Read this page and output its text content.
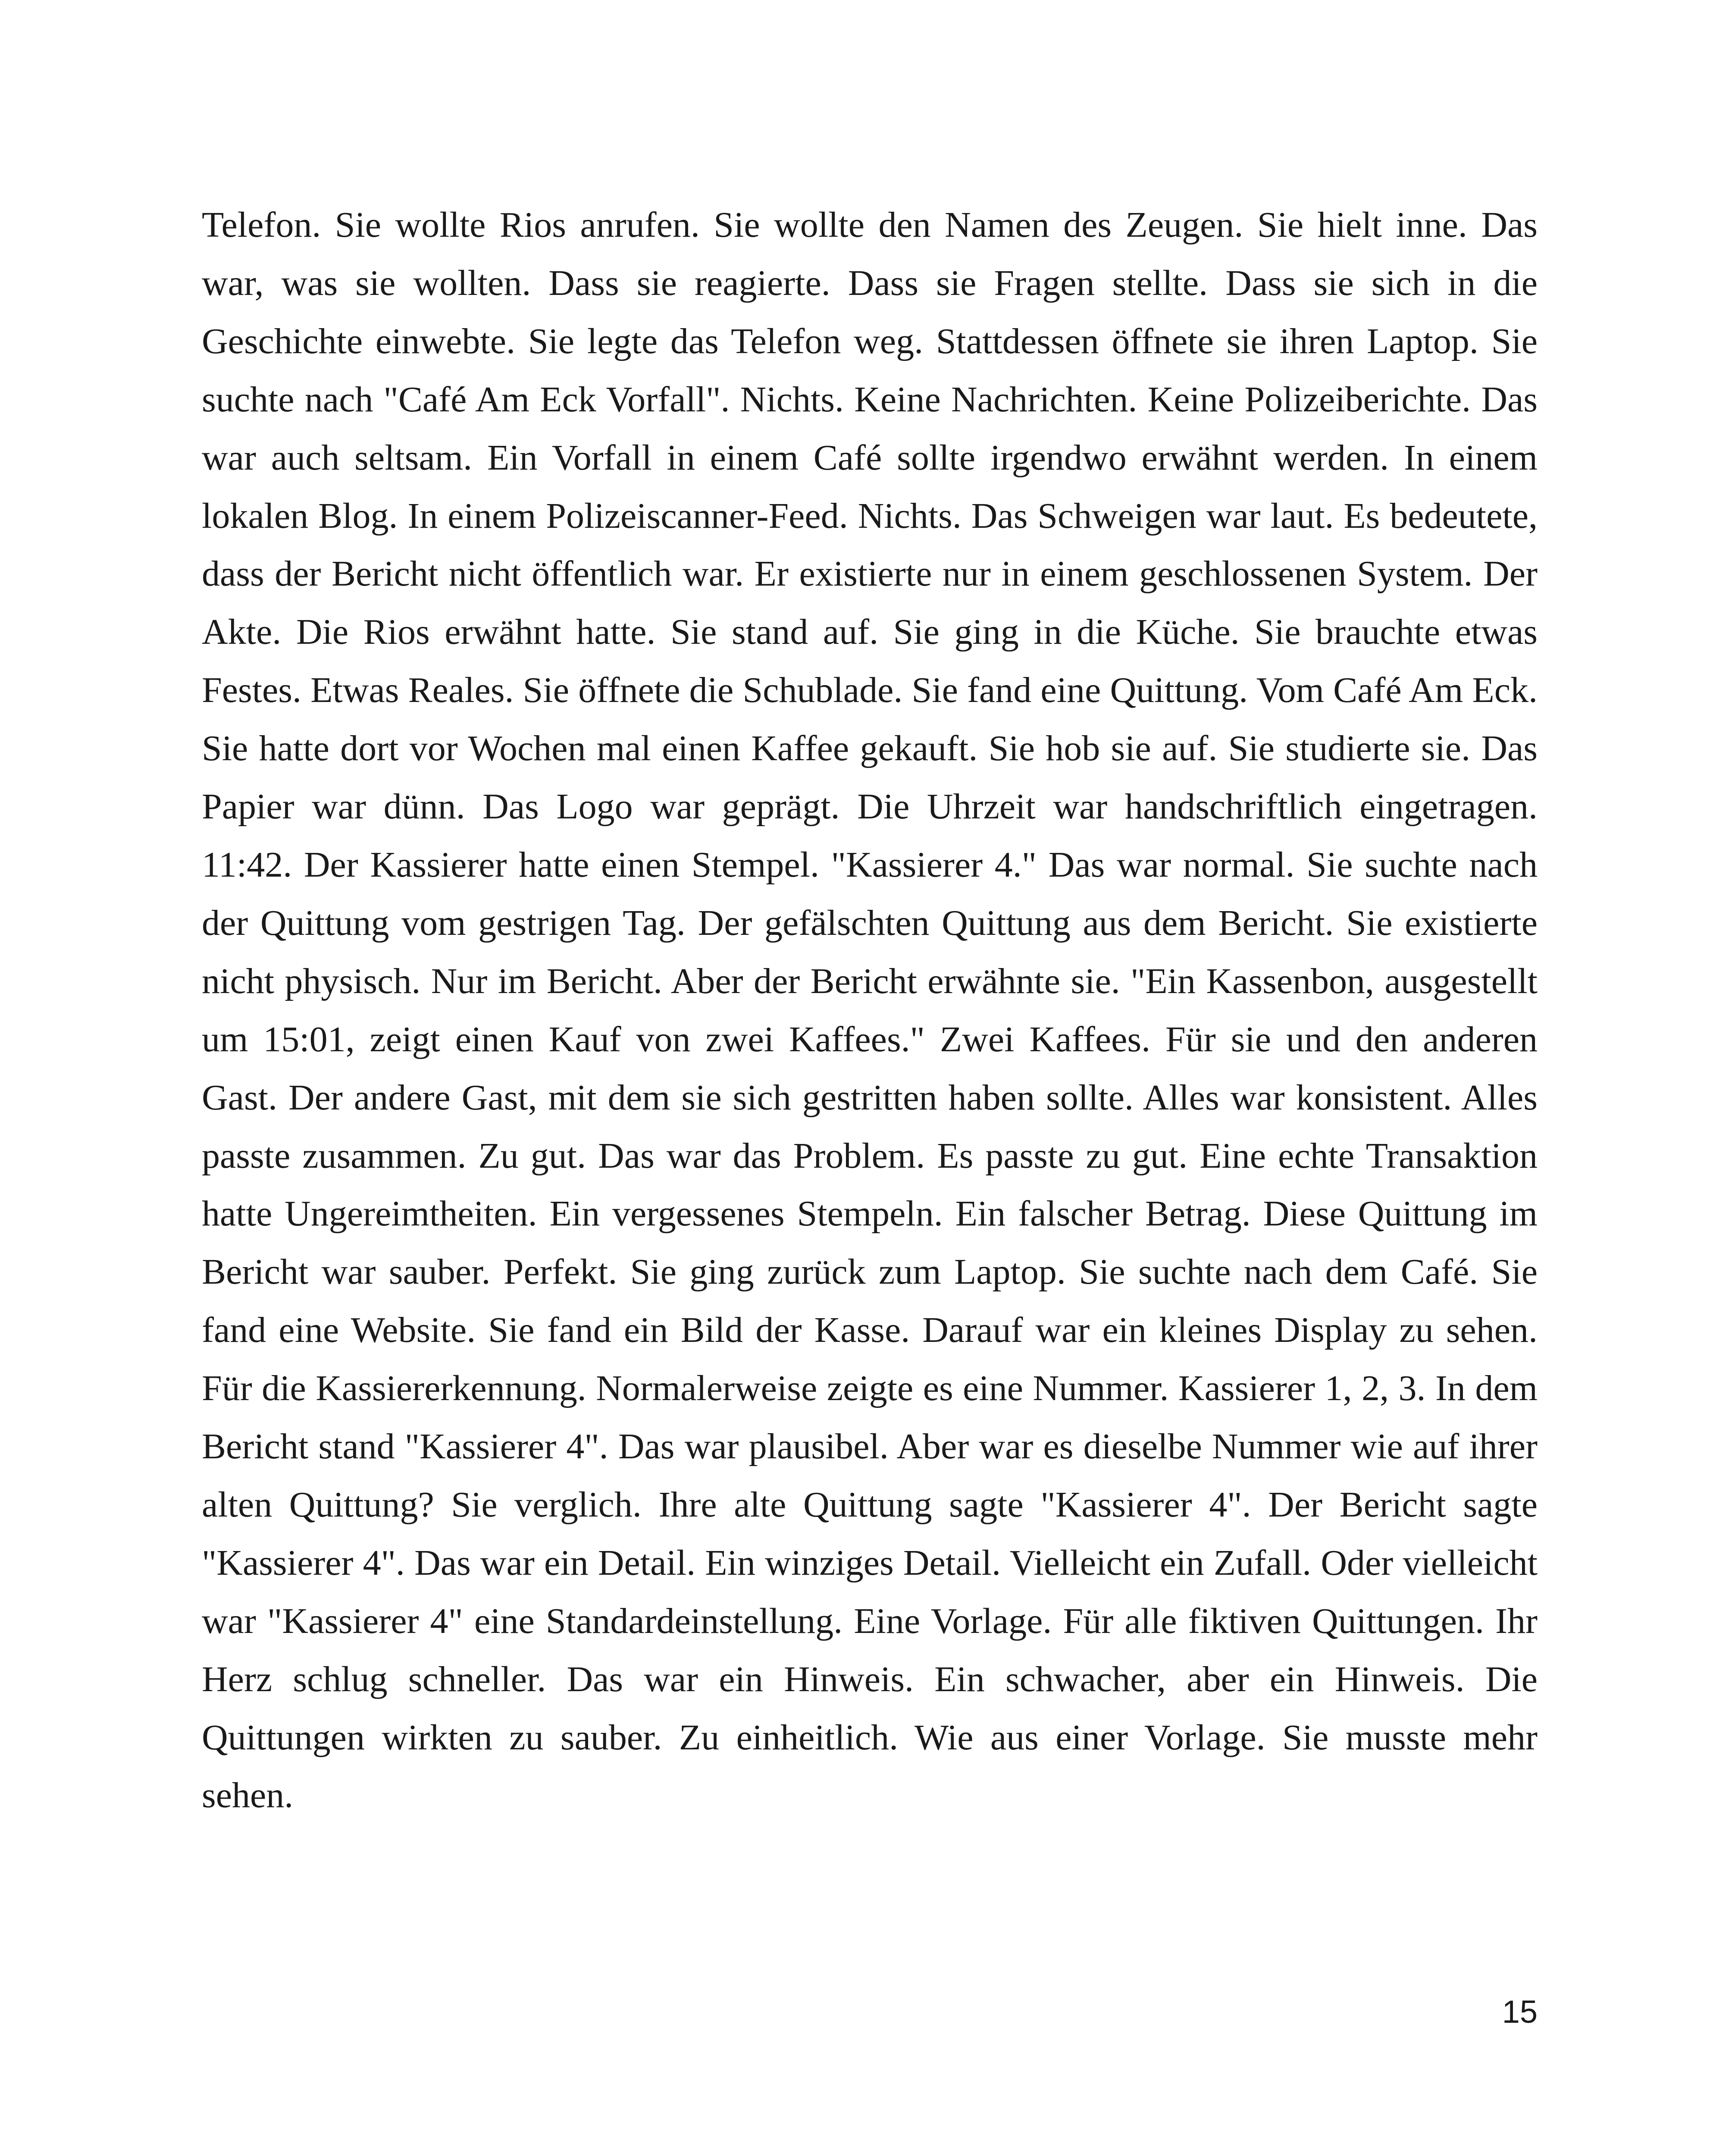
Telefon. Sie wollte Rios anrufen. Sie wollte den Namen des Zeugen. Sie hielt inne. Das war, was sie wollten. Dass sie reagierte. Dass sie Fragen stellte. Dass sie sich in die Geschichte einwebte. Sie legte das Telefon weg. Stattdessen öffnete sie ihren Laptop. Sie suchte nach "Café Am Eck Vorfall". Nichts. Keine Nachrichten. Keine Polizeiberichte. Das war auch seltsam. Ein Vorfall in einem Café sollte irgendwo erwähnt werden. In einem lokalen Blog. In einem Polizeiscanner-Feed. Nichts. Das Schweigen war laut. Es bedeutete, dass der Bericht nicht öffentlich war. Er existierte nur in einem geschlossenen System. Der Akte. Die Rios erwähnt hatte. Sie stand auf. Sie ging in die Küche. Sie brauchte etwas Festes. Etwas Reales. Sie öffnete die Schublade. Sie fand eine Quittung. Vom Café Am Eck. Sie hatte dort vor Wochen mal einen Kaffee gekauft. Sie hob sie auf. Sie studierte sie. Das Papier war dünn. Das Logo war geprägt. Die Uhrzeit war handschriftlich eingetragen. 11:42. Der Kassierer hatte einen Stempel. "Kassierer 4." Das war normal. Sie suchte nach der Quittung vom gestrigen Tag. Der gefälschten Quittung aus dem Bericht. Sie existierte nicht physisch. Nur im Bericht. Aber der Bericht erwähnte sie. "Ein Kassenbon, ausgestellt um 15:01, zeigt einen Kauf von zwei Kaffees." Zwei Kaffees. Für sie und den anderen Gast. Der andere Gast, mit dem sie sich gestritten haben sollte. Alles war konsistent. Alles passte zusammen. Zu gut. Das war das Problem. Es passte zu gut. Eine echte Transaktion hatte Ungereimtheiten. Ein vergessenes Stempeln. Ein falscher Betrag. Diese Quittung im Bericht war sauber. Perfekt. Sie ging zurück zum Laptop. Sie suchte nach dem Café. Sie fand eine Website. Sie fand ein Bild der Kasse. Darauf war ein kleines Display zu sehen. Für die Kassiererkennung. Normalerweise zeigte es eine Nummer. Kassierer 1, 2, 3. In dem Bericht stand "Kassierer 4". Das war plausibel. Aber war es dieselbe Nummer wie auf ihrer alten Quittung? Sie verglich. Ihre alte Quittung sagte "Kassierer 4". Der Bericht sagte "Kassierer 4". Das war ein Detail. Ein winziges Detail. Vielleicht ein Zufall. Oder vielleicht war "Kassierer 4" eine Standardeinstellung. Eine Vorlage. Für alle fiktiven Quittungen. Ihr Herz schlug schneller. Das war ein Hinweis. Ein schwacher, aber ein Hinweis. Die Quittungen wirkten zu sauber. Zu einheitlich. Wie aus einer Vorlage. Sie musste mehr sehen.

15
